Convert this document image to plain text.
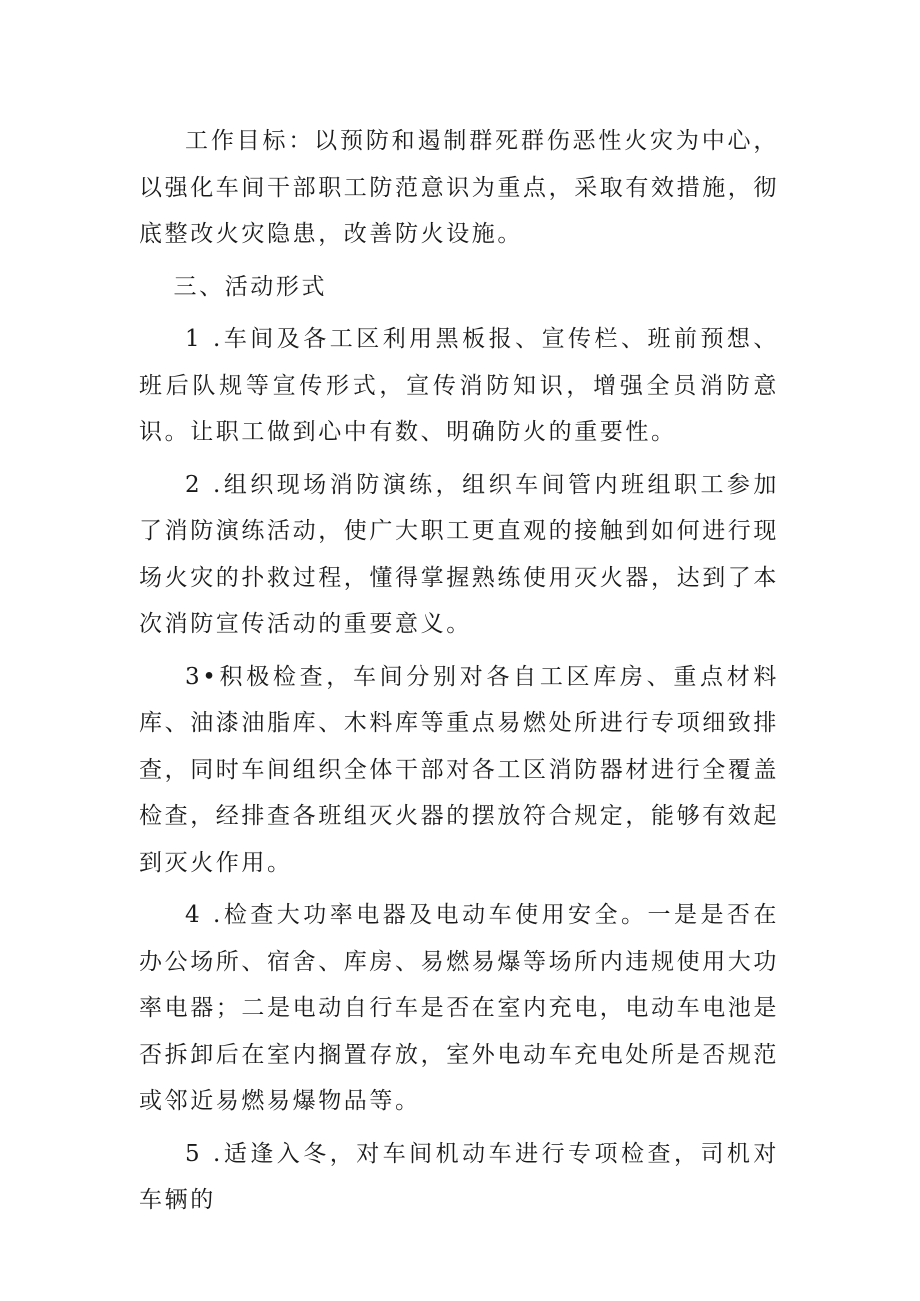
工作目标：以预防和遏制群死群伤恶性火灾为中心，以强化车间干部职工防范意识为重点，采取有效措施，彻底整改火灾隐患，改善防火设施。

三、活动形式

1 .车间及各工区利用黑板报、宣传栏、班前预想、班后队规等宣传形式，宣传消防知识，增强全员消防意识。让职工做到心中有数、明确防火的重要性。

2 .组织现场消防演练，组织车间管内班组职工参加了消防演练活动，使广大职工更直观的接触到如何进行现场火灾的扑救过程，懂得掌握熟练使用灭火器，达到了本次消防宣传活动的重要意义。

3•积极检查，车间分别对各自工区库房、重点材料库、油漆油脂库、木料库等重点易燃处所进行专项细致排查，同时车间组织全体干部对各工区消防器材进行全覆盖检查，经排查各班组灭火器的摆放符合规定，能够有效起到灭火作用。

4 .检查大功率电器及电动车使用安全。一是是否在办公场所、宿舍、库房、易燃易爆等场所内违规使用大功率电器；二是电动自行车是否在室内充电，电动车电池是否拆卸后在室内搁置存放，室外电动车充电处所是否规范或邻近易燃易爆物品等。

5 .适逢入冬，对车间机动车进行专项检查，司机对车辆的
